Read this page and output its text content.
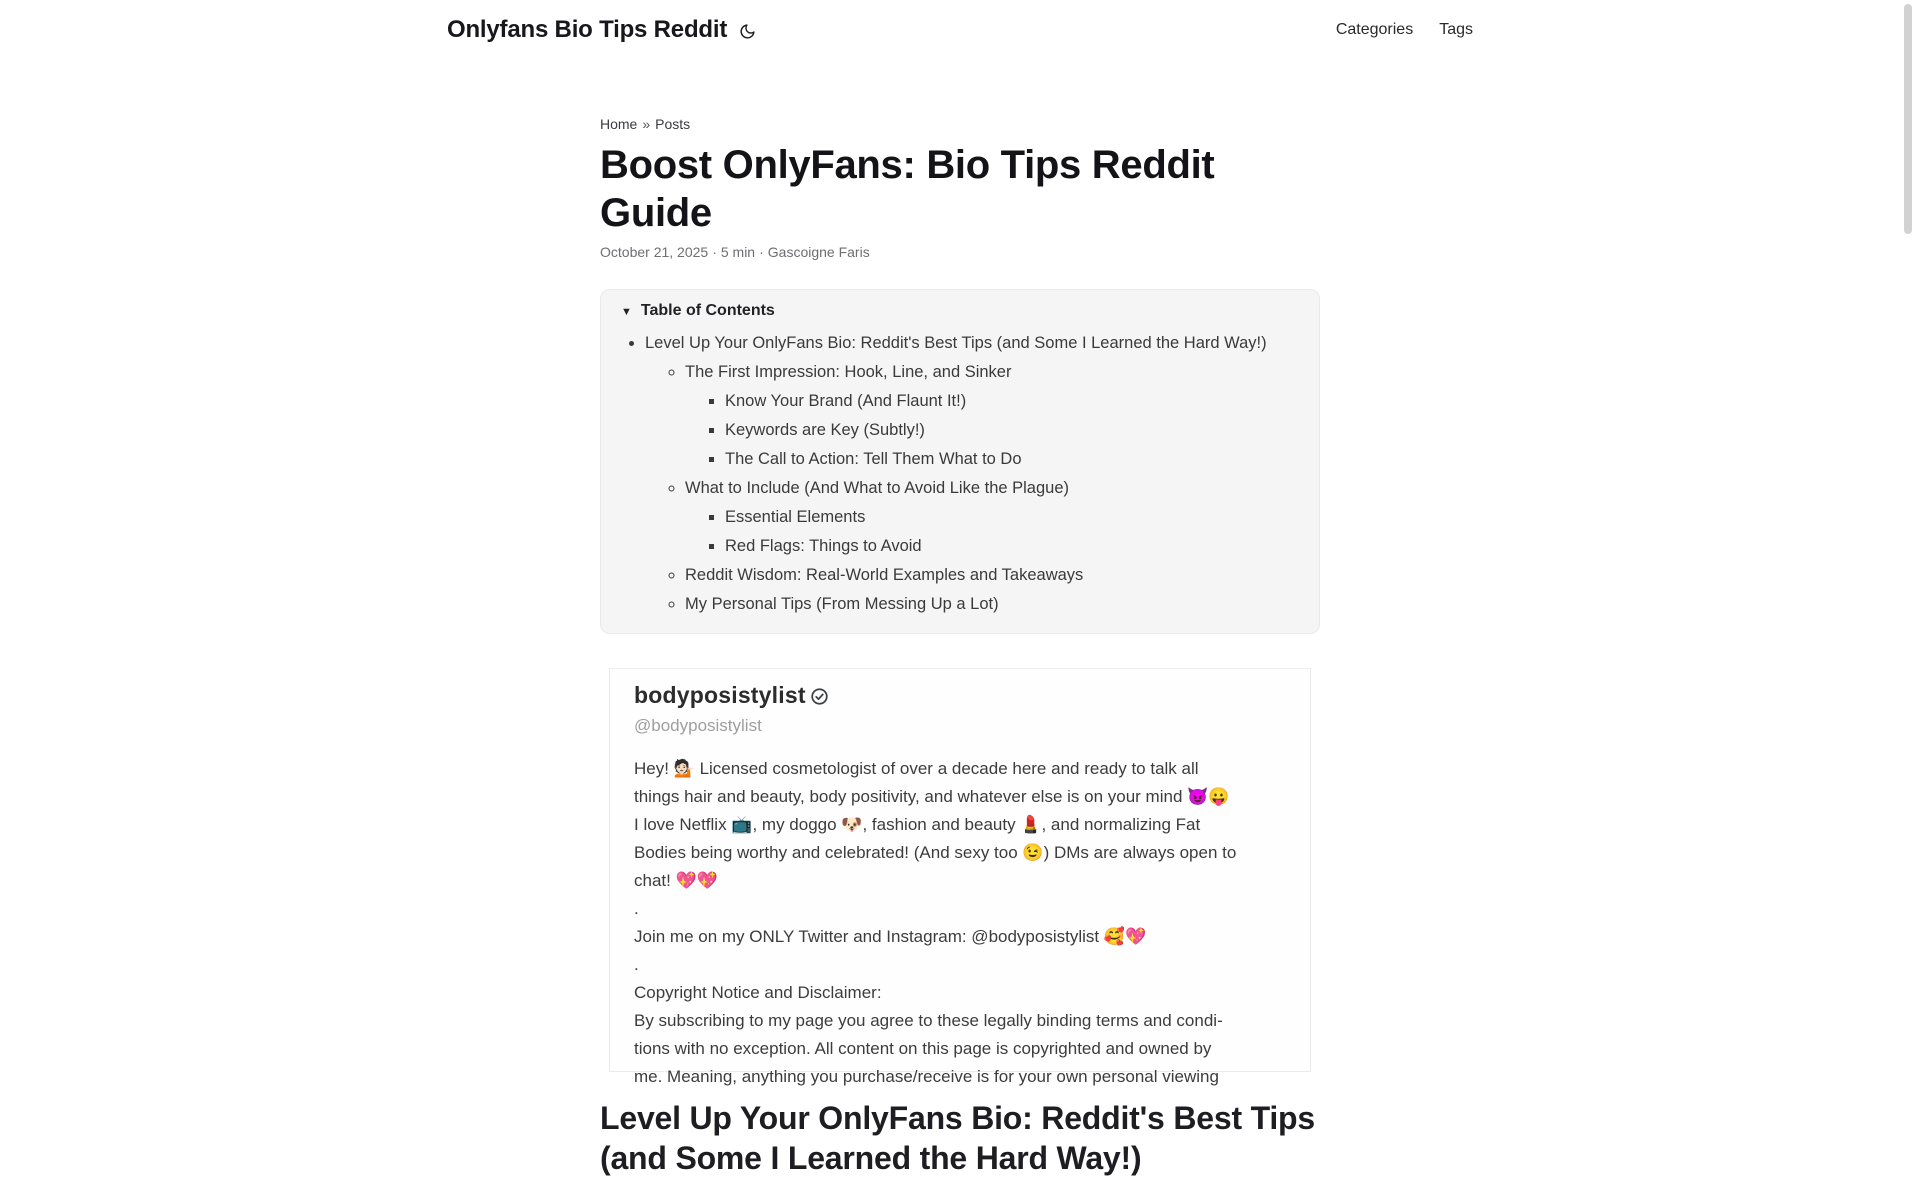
Onlyfans Bio Tips Reddit	Categories Tags
Home » Posts
Boost OnlyFans: Bio Tips Reddit Guide
October 21, 2025 · 5 min · Gascoigne Faris
▼ Table of Contents
• Level Up Your OnlyFans Bio: Reddit's Best Tips (and Some I Learned the Hard Way!)
◦ The First Impression: Hook, Line, and Sinker
▪ Know Your Brand (And Flaunt It!)
▪ Keywords are Key (Subtly!)
▪ The Call to Action: Tell Them What to Do
◦ What to Include (And What to Avoid Like the Plague)
▪ Essential Elements
▪ Red Flags: Things to Avoid
◦ Reddit Wisdom: Real-World Examples and Takeaways
◦ My Personal Tips (From Messing Up a Lot)
bodyposistylist
@bodyposistylist
Hey! 💁🏻 Licensed cosmetologist of over a decade here and ready to talk all
things hair and beauty, body positivity, and whatever else is on your mind 😈😛
I love Netflix 📺, my doggo 🐶, fashion and beauty 💄, and normalizing Fat
Bodies being worthy and celebrated! (And sexy too 😉) DMs are always open to
chat! 💖💖
.
Join me on my ONLY Twitter and Instagram: @bodyposistylist 🥰💖
.
Copyright Notice and Disclaimer:
By subscribing to my page you agree to these legally binding terms and condi-
tions with no exception. All content on this page is copyrighted and owned by
me. Meaning, anything you purchase/receive is for your own personal viewing
Level Up Your OnlyFans Bio: Reddit's Best Tips (and Some I Learned the Hard Way!)
